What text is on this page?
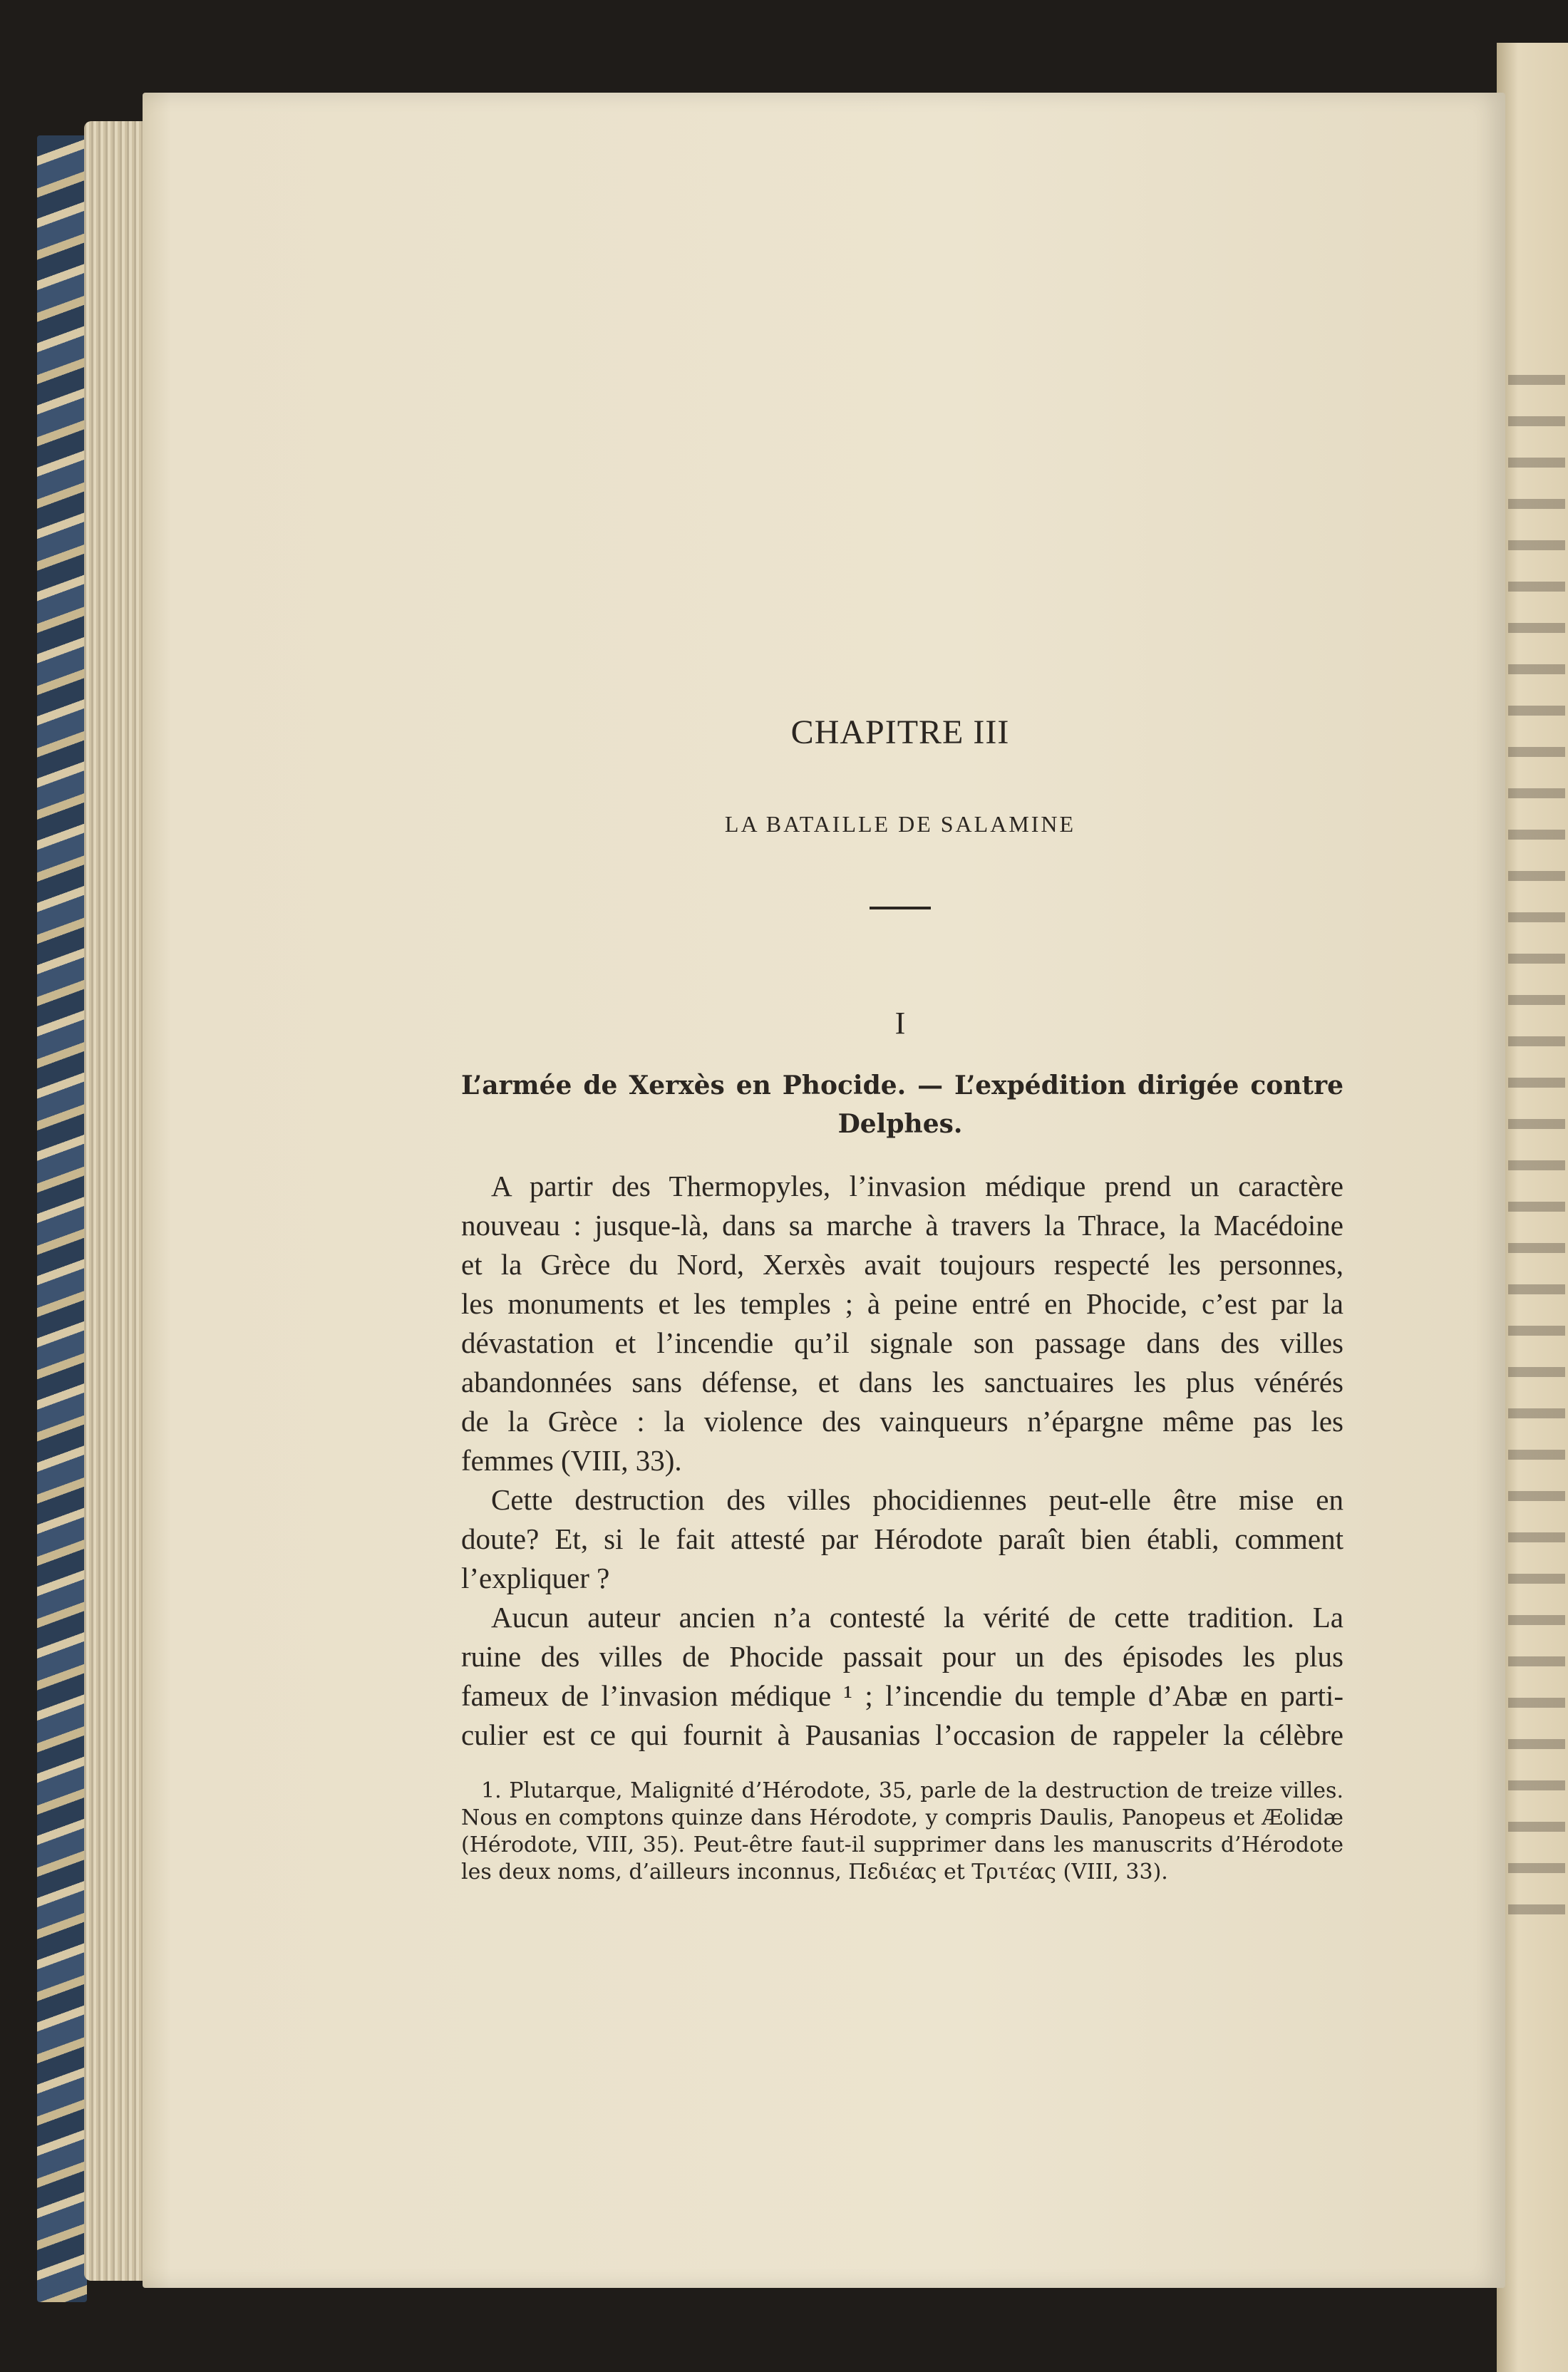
CHAPITRE III

LA BATAILLE DE SALAMINE

I

L’armée de Xerxès en Phocide. — L’expédition dirigée contre

Delphes.

A partir des Thermopyles, l’invasion médique prend un caractère

nouveau : jusque-là, dans sa marche à travers la Thrace, la Macédoine

et la Grèce du Nord, Xerxès avait toujours respecté les personnes,

les monuments et les temples ; à peine entré en Phocide, c’est par la

dévastation et l’incendie qu’il signale son passage dans des villes

abandonnées sans défense, et dans les sanctuaires les plus vénérés

de la Grèce : la violence des vainqueurs n’épargne même pas les

femmes (VIII, 33).

Cette destruction des villes phocidiennes peut-elle être mise en

doute? Et, si le fait attesté par Hérodote paraît bien établi, comment

l’expliquer ?

Aucun auteur ancien n’a contesté la vérité de cette tradition. La

ruine des villes de Phocide passait pour un des épisodes les plus

fameux de l’invasion médique ¹ ; l’incendie du temple d’Abæ en parti-

culier est ce qui fournit à Pausanias l’occasion de rappeler la célèbre

1. Plutarque, Malignité d’Hérodote, 35, parle de la destruction de treize villes.

Nous en comptons quinze dans Hérodote, y compris Daulis, Panopeus et Æolidæ

(Hérodote, VIII, 35). Peut-être faut-il supprimer dans les manuscrits d’Hérodote

les deux noms, d’ailleurs inconnus, Πεδιέας et Τριτέας (VIII, 33).
